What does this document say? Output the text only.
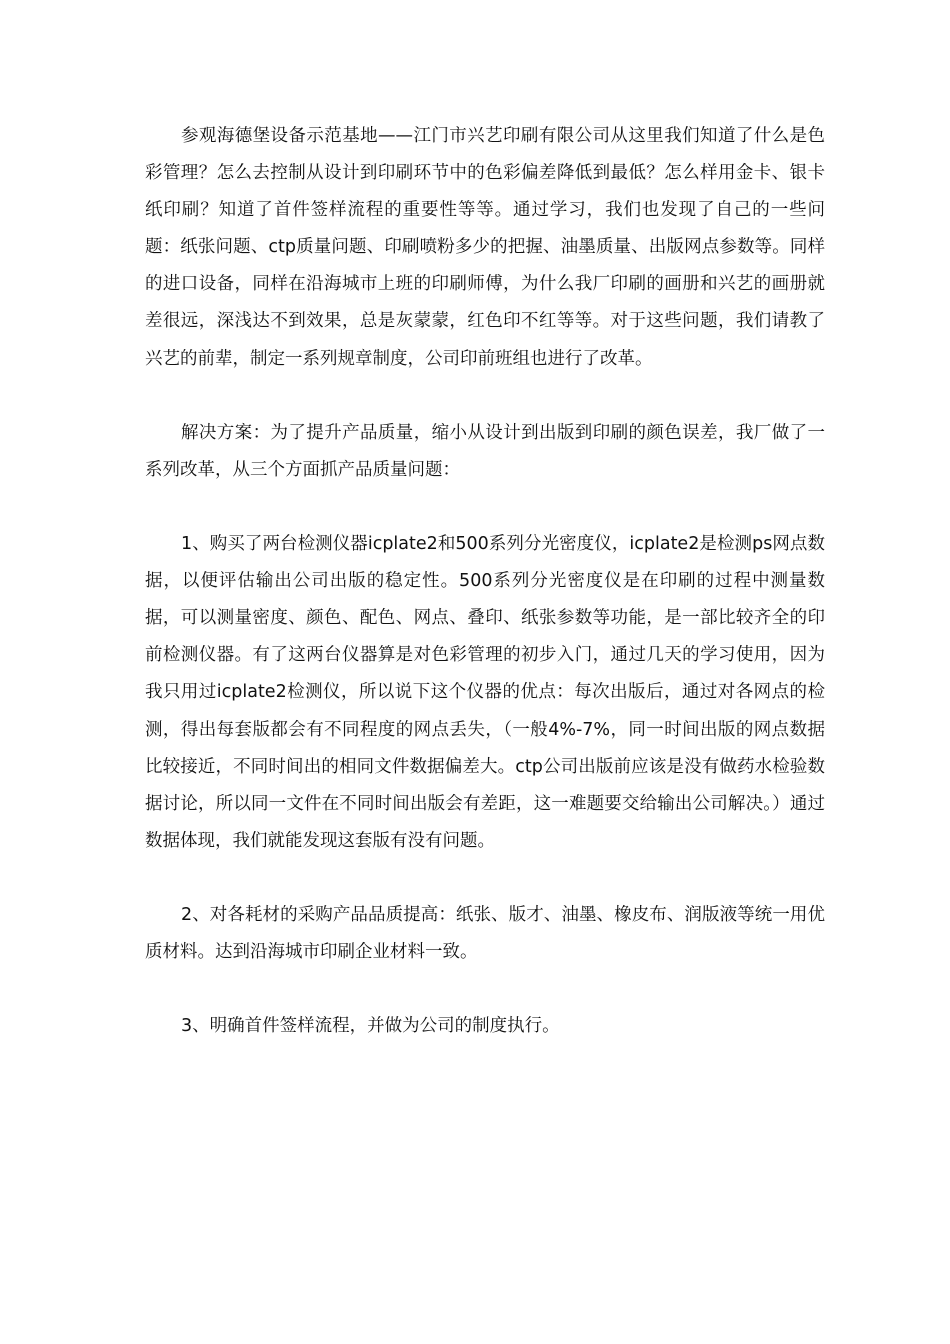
参观海德堡设备示范基地——江门市兴艺印刷有限公司从这里我们知道了什么是色彩管理？怎么去控制从设计到印刷环节中的色彩偏差降低到最低？怎么样用金卡、银卡纸印刷？知道了首件签样流程的重要性等等。通过学习，我们也发现了自己的一些问题：纸张问题、ctp质量问题、印刷喷粉多少的把握、油墨质量、出版网点参数等。同样的进口设备，同样在沿海城市上班的印刷师傅，为什么我厂印刷的画册和兴艺的画册就差很远，深浅达不到效果，总是灰蒙蒙，红色印不红等等。对于这些问题，我们请教了兴艺的前辈，制定一系列规章制度，公司印前班组也进行了改革。

解决方案：为了提升产品质量，缩小从设计到出版到印刷的颜色误差，我厂做了一系列改革，从三个方面抓产品质量问题：

1、购买了两台检测仪器icplate2和500系列分光密度仪，icplate2是检测ps网点数据，以便评估输出公司出版的稳定性。500系列分光密度仪是在印刷的过程中测量数据，可以测量密度、颜色、配色、网点、叠印、纸张参数等功能，是一部比较齐全的印前检测仪器。有了这两台仪器算是对色彩管理的初步入门，通过几天的学习使用，因为我只用过icplate2检测仪，所以说下这个仪器的优点：每次出版后，通过对各网点的检测，得出每套版都会有不同程度的网点丢失，（一般4%-7%，同一时间出版的网点数据比较接近，不同时间出的相同文件数据偏差大。ctp公司出版前应该是没有做药水检验数据讨论，所以同一文件在不同时间出版会有差距，这一难题要交给输出公司解决。）通过数据体现，我们就能发现这套版有没有问题。

2、对各耗材的采购产品品质提高：纸张、版才、油墨、橡皮布、润版液等统一用优质材料。达到沿海城市印刷企业材料一致。

3、明确首件签样流程，并做为公司的制度执行。
